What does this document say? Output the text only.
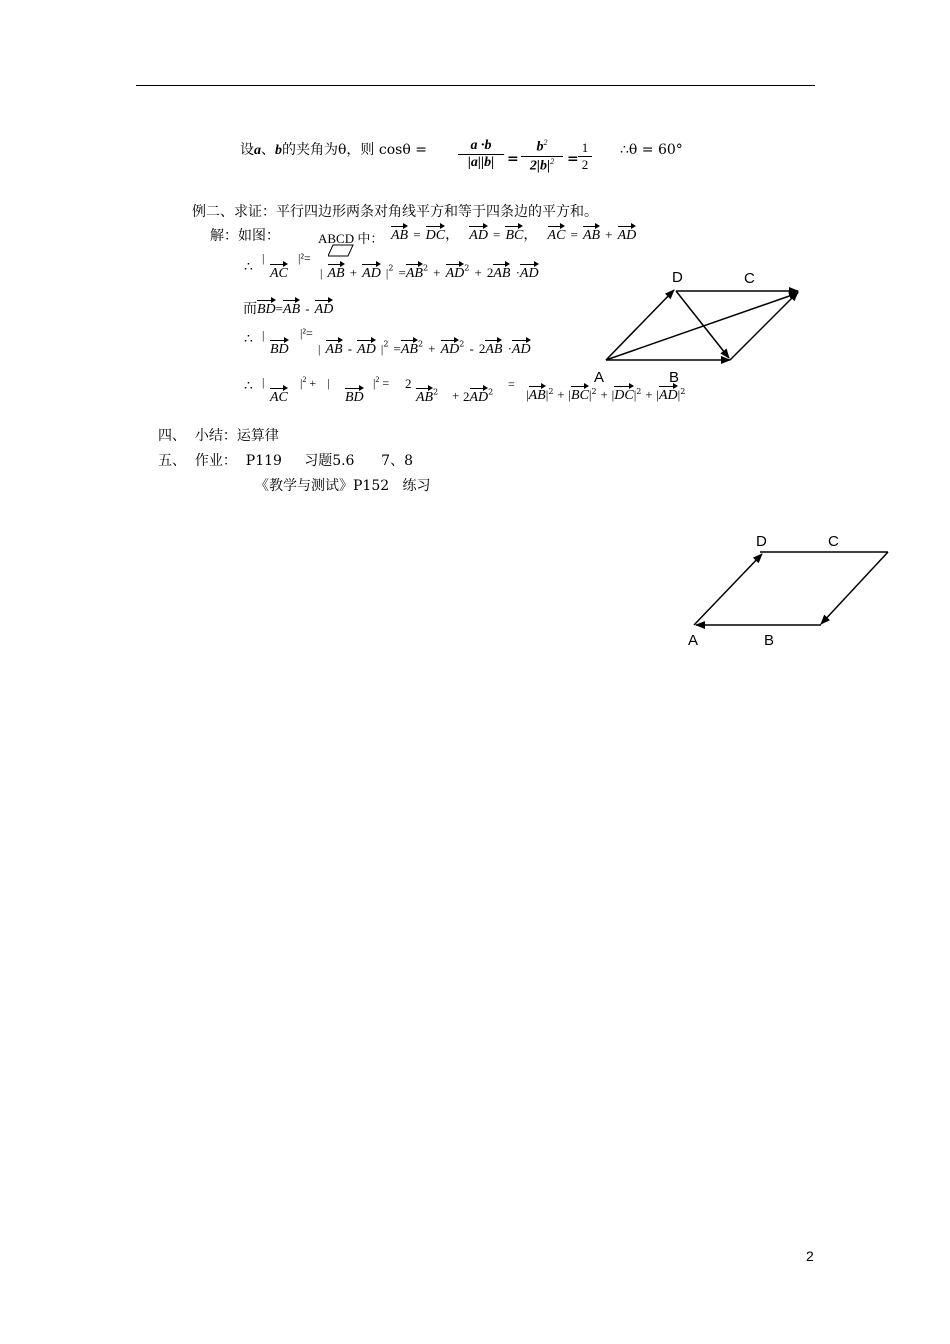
设a、b的夹角为θ，则 $\cos\theta = \frac{a \cdot b}{|a||b|} = \frac{b^2}{2|b|^2} = \frac{1}{2}$ ∴θ = 60°
例二、求证：平行四边形两条对角线平方和等于四条边的平方和。
解：如图：	ABCD 中： AB = DC， AD = BC， AC = AB + AD
∴
|
AC
|²=
| AB + AD $|^2 =AB^2 + AD^2 + 2AB \cdot AD$
而BD=AB - AD
∴ |
BD
|²=
| AB - AD $|^2 =AB^2 + AD^2 - 2AB \cdot AD$
∴ |
AC
$|^2$ + |
BD
$|^2 = 2$
$AB^2 + 2AD^2$
=
$|AB|^2 + |BC|^2 + |DC|^2 + |AD|^2$
D	C
A	B
四、 小结：运算律
五、 作业：  P119     习题5.6      7、8
《教学与测试》P152   练习
D	C
A	B
2
